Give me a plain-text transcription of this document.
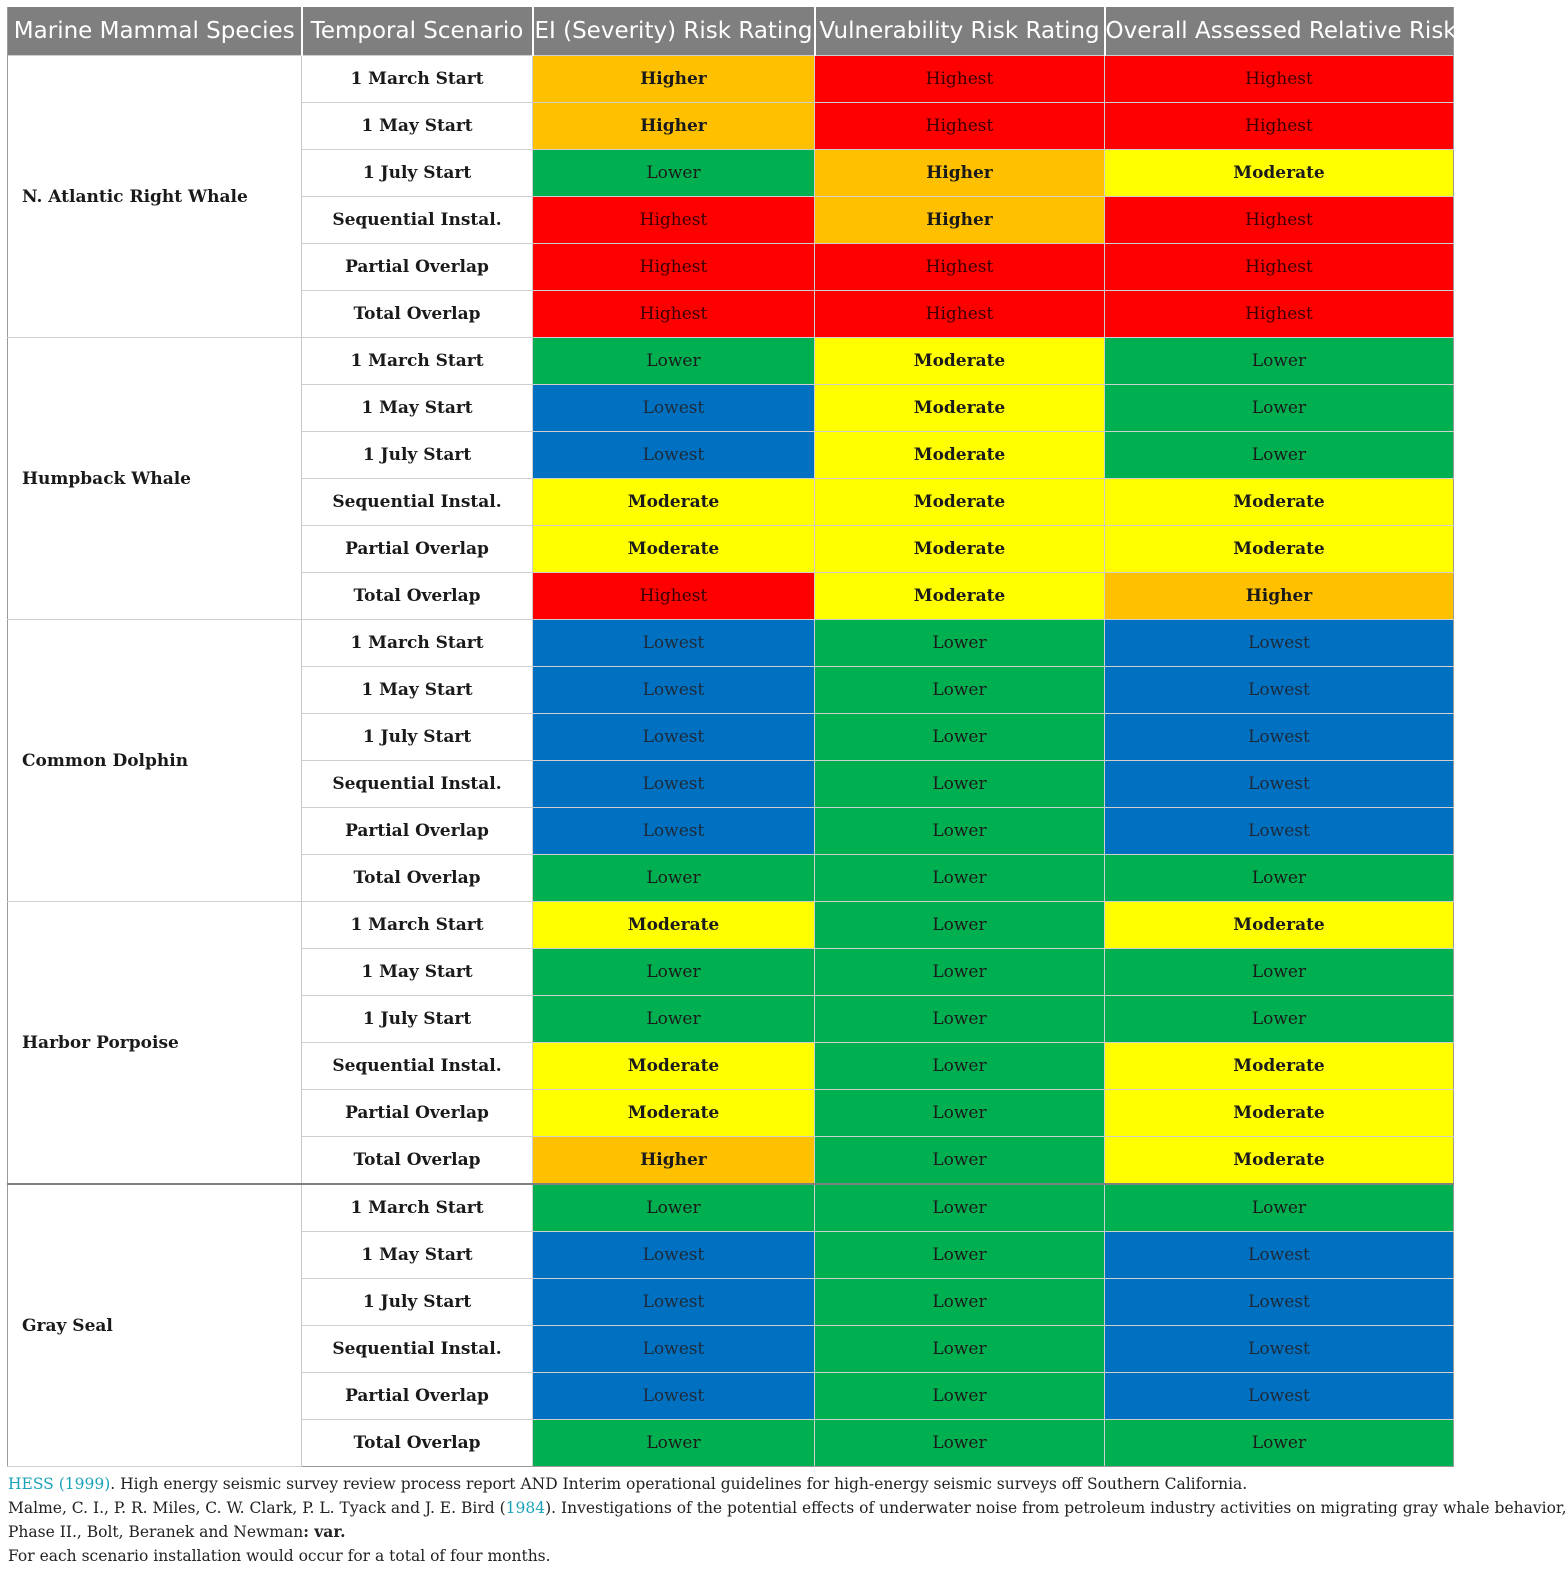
Marine Mammal Species	Temporal Scenario	EI (Severity) Risk Rating	Vulnerability Risk Rating	Overall Assessed Relative Risk
N. Atlantic Right Whale	1 March Start	Higher	Highest	Highest
	1 May Start	Higher	Highest	Highest
	1 July Start	Lower	Higher	Moderate
	Sequential Instal.	Highest	Higher	Highest
	Partial Overlap	Highest	Highest	Highest
	Total Overlap	Highest	Highest	Highest
Humpback Whale	1 March Start	Lower	Moderate	Lower
	1 May Start	Lowest	Moderate	Lower
	1 July Start	Lowest	Moderate	Lower
	Sequential Instal.	Moderate	Moderate	Moderate
	Partial Overlap	Moderate	Moderate	Moderate
	Total Overlap	Highest	Moderate	Higher
Common Dolphin	1 March Start	Lowest	Lower	Lowest
	1 May Start	Lowest	Lower	Lowest
	1 July Start	Lowest	Lower	Lowest
	Sequential Instal.	Lowest	Lower	Lowest
	Partial Overlap	Lowest	Lower	Lowest
	Total Overlap	Lower	Lower	Lower
Harbor Porpoise	1 March Start	Moderate	Lower	Moderate
	1 May Start	Lower	Lower	Lower
	1 July Start	Lower	Lower	Lower
	Sequential Instal.	Moderate	Lower	Moderate
	Partial Overlap	Moderate	Lower	Moderate
	Total Overlap	Higher	Lower	Moderate
Gray Seal	1 March Start	Lower	Lower	Lower
	1 May Start	Lowest	Lower	Lowest
	1 July Start	Lowest	Lower	Lowest
	Sequential Instal.	Lowest	Lower	Lowest
	Partial Overlap	Lowest	Lower	Lowest
	Total Overlap	Lower	Lower	Lower
HESS (1999). High energy seismic survey review process report AND Interim operational guidelines for high-energy seismic surveys off Southern California.
Malme, C. I., P. R. Miles, C. W. Clark, P. L. Tyack and J. E. Bird (1984). Investigations of the potential effects of underwater noise from petroleum industry activities on migrating gray whale behavior,
Phase II., Bolt, Beranek and Newman: var.
For each scenario installation would occur for a total of four months.
